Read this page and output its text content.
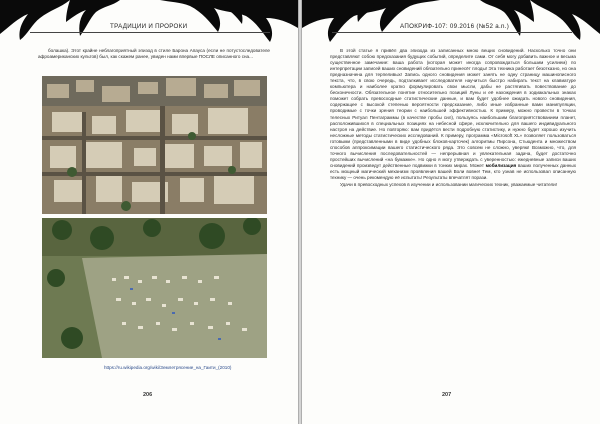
ТРАДИЦИИ И ПРОРОКИ

болашка). Этот крайне неблагоприятный эпизод в стиле Барона Апауса (если не потустоследователе афроамериканских культов) был, как скажем ранее, увиден нами впервые ПОСЛЕ описанного сна...

https://ru.wikipedia.org/wiki/Землетрясение_на_Гаити_(2010)
206
АПОКРИФ-107: 09.2016 (№52 a.n.)

В этой статье я привёл два эпизода из записанных мною вещих сновидений. Насколько точно они представляют собою предсказания будущих событий, определите сами. От себя могу добавить важное и весьма существенное замечание: ваша работа (которая может иногда сопровождаться большим усилием) по интерпретации записей ваших сновидений обязательно принесёт плоды! Эта техника работает безотказно, но она предназначена для терпеливых! Запись одного сновидения может занять не одну страницу машинописного текста, что, в свою очередь, подталкивает исследователя научиться быстро набирать текст на клавиатуре компьютера и наиболее кратко формулировать свои мысли, дабы не растягивать повествование до бесконечности. Обязательное понятие относительно позиций Луны и её нахождения в зодиакальных знаках поможет собрать превосходные статистические данные, и вам будет удобнее ожидать нового сновидения, содержащее с высокой степенью вероятности предсказание, либо иные избранные вами манипуляции, проводимые с точки зрения теории с наибольшей эффективностью. К примеру, можно провести в точках телесных Ритуал Пентаграммы (в качестве пробы сил), пользуясь наибольшим благоприятствованием планет, расположившихся в специальных позициях на небесной сфере, исключительно для вашего индивидуального настроя на действие. Но повторяю: вам придётся вести подробную статистику, и нужно будет хорошо изучить несложные методы статистических исследований. К примеру, программа «Microsoft XL» позволяет пользоваться готовыми (представленными в виде удобных блоков-карточек) алгоритмы Пирсона, Стьюдента и множеством способов аппроксимации вашего статистического ряда. Это совсем не сложно, уверяю! Возможно, что, для точного вычисления последовательностей — непрерывная и увлекательная задача, будет достаточно простейших вычислений «на бумажке». Но одно я могу утверждать с уверенностью: ежедневные записи ваших сновидений произведут действенные подвижки в тонких мирах. Может мобилизация ваших полученных данных есть мощный магический механизм проявления вашей Воли вовне! Тем, кто узнав не использовал описанную технику — очень рекомендую её испытать! Результаты впечатлят порази.

Удачи в превосходных успехов в изучении и использовании магических техник, уважаемые читатели!

207
